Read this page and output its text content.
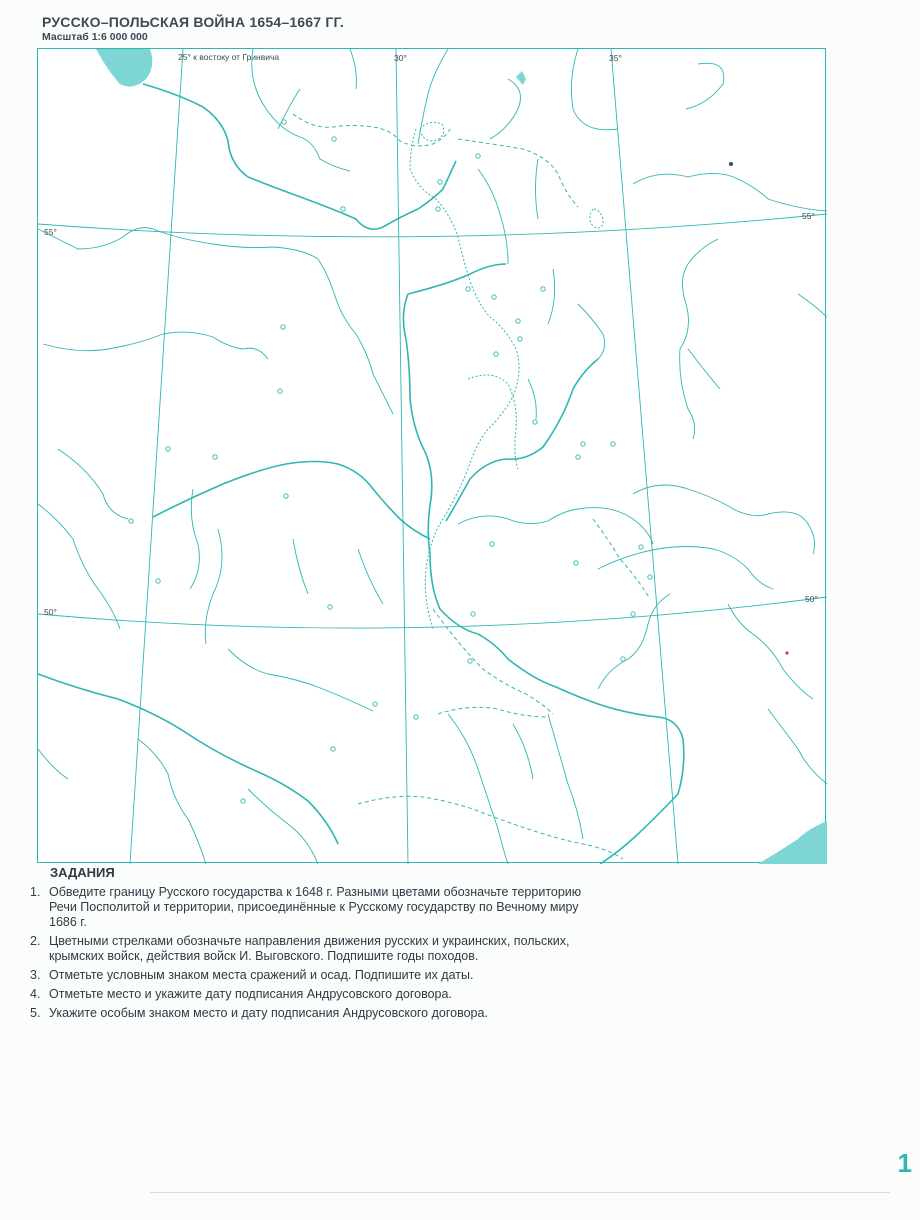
РУССКО–ПОЛЬСКАЯ ВОЙНА 1654–1667 ГГ.
Масштаб 1:6 000 000
25° к востоку от Гринвича	30°	35°
55°
55°
50°
50°
ЗАДАНИЯ
1. Обведите границу Русского государства к 1648 г. Разными цветами обозначьте территорию Речи Посполитой и территории, присоединённые к Русскому государству по Вечному миру 1686 г.
2. Цветными стрелками обозначьте направления движения русских и украинских, польских, крымских войск, действия войск И. Выговского. Подпишите годы походов.
3. Отметьте условным знаком места сражений и осад. Подпишите их даты.
4. Отметьте место и укажите дату подписания Андрусовского договора.
5. Укажите особым знаком место и дату подписания Андрусовского договора.
1
